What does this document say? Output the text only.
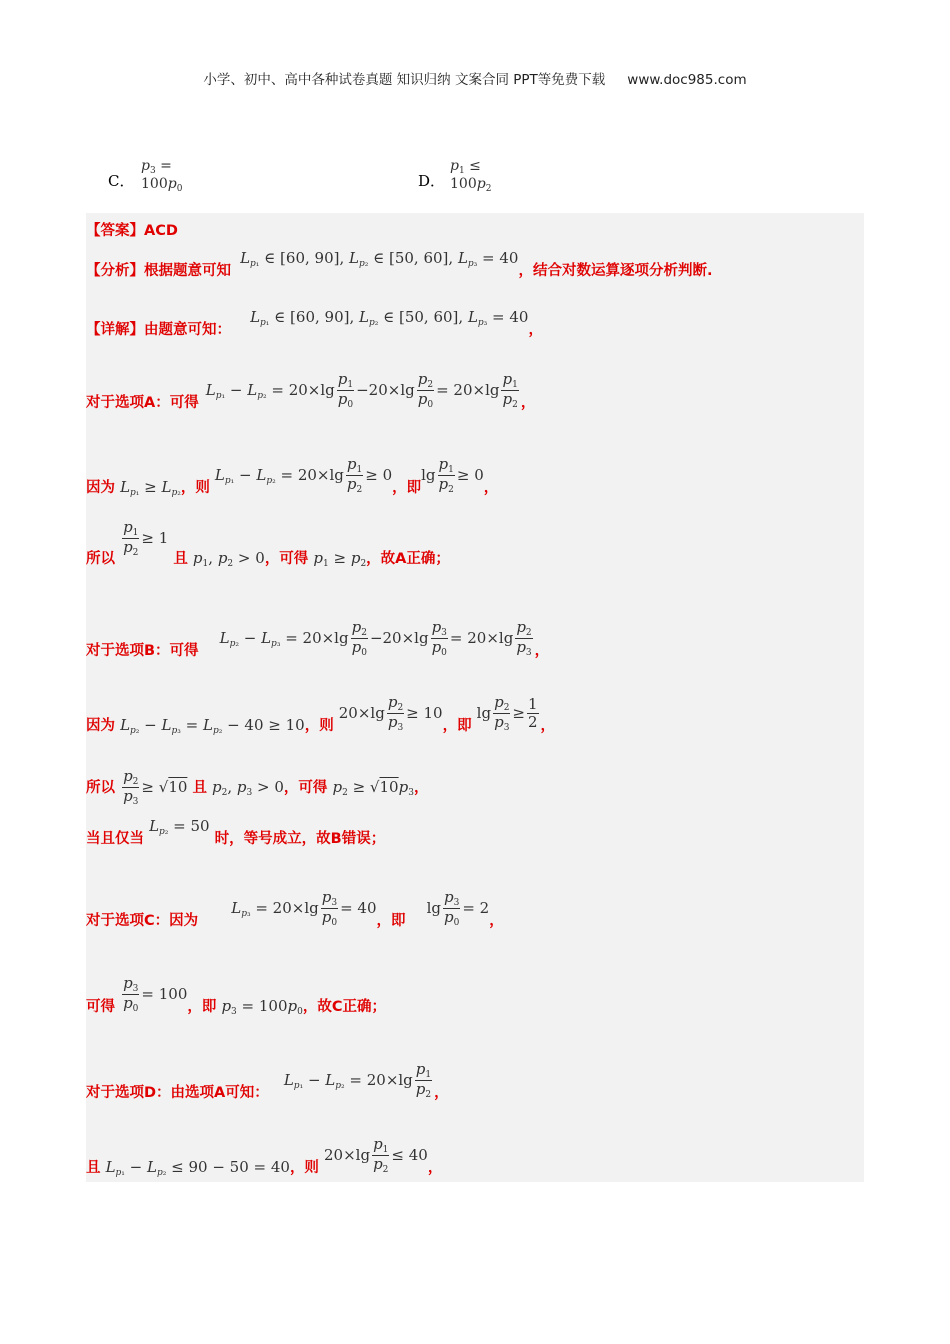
小学、初中、高中各种试卷真题 知识归纳 文案合同 PPT等免费下载 www.doc985.com
C．
$p_3 = 100p_0$	D．
$p_1 \le 100p_2$
【答案】ACD
【分析】根据题意可知 $L_{p_1}$ ∈ [60, 90], $L_{p_2}$ ∈ [50, 60], $L_{p_3} = 40$，结合对数运算逐项分析判断.
【详解】由题意可知： $L_{p_1}$ ∈ [60, 90], $L_{p_2}$ ∈ [50, 60], $L_{p_3} = 40$，
对于选项A：可得 $L_{p_1} - L_{p_2} = 20\times\lg \frac{p_1}{p_0} -20\times\lg \frac{p_2}{p_0} = 20\times\lg \frac{p_1}{p_2}$ ，
因为 $L_{p_1} \ge L_{p_2}$，则 $L_{p_1} - L_{p_2} = 20\times\lg \frac{p_1}{p_2} \ge 0$，即$\lg \frac{p_1}{p_2} \ge 0$，
所以
$\frac{p_1}{p_2} \ge 1$ 且 $p_1$, $p_2 > 0$，可得 $p_1 \ge p_2$，故A正确；
对于选项B：可得 $L_{p_2} - L_{p_3} = 20\times\lg \frac{p_2}{p_0} -20\times\lg \frac{p_3}{p_0} = 20\times\lg \frac{p_2}{p_3}$ ，
因为 $L_{p_2} - L_{p_3} = L_{p_2} - 40 \ge 10$，则 $20\times\lg \frac{p_2}{p_3} \ge 10$，即 $\lg \frac{p_2}{p_3} \ge \frac{1}{2}$ ，
所以 $\frac{p_2}{p_3} \ge √10$ 且 $p_2$, $p_3 > 0$，可得 $p_2 \ge √10p_3$，
当且仅当 $L_{p_2} = 50$ 时，等号成立，故B错误；
对于选项C：因为 $L_{p_3} = 20\times\lg \frac{p_3}{p_0} = 40$，即 $\lg \frac{p_3}{p_0} = 2$，
可得 $\frac{p_3}{p_0} = 100$，即 $p_3 = 100p_0$，故C正确；
对于选项D：由选项A可知： $L_{p_1} - L_{p_2} = 20\times\lg \frac{p_1}{p_2}$ ，
且 $L_{p_1} - L_{p_2} \le 90 - 50 = 40$，则 $20\times\lg \frac{p_1}{p_2} \le 40$，
